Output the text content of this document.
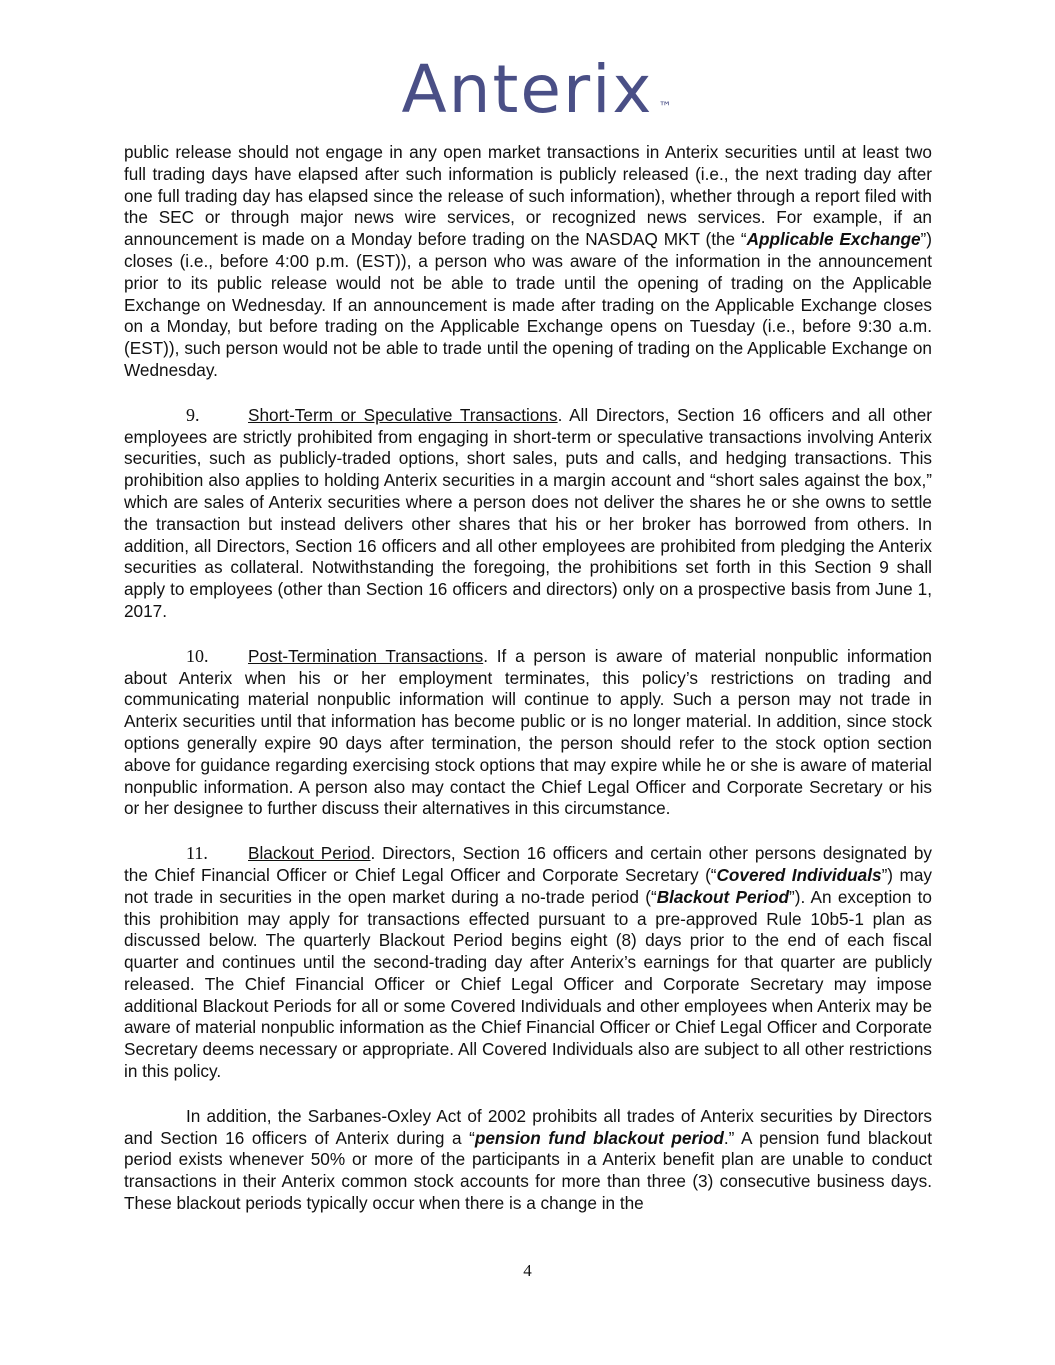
Anterix ™

public release should not engage in any open market transactions in Anterix securities until at least two full trading days have elapsed after such information is publicly released (i.e., the next trading day after one full trading day has elapsed since the release of such information), whether through a report filed with the SEC or through major news wire services, or recognized news services. For example, if an announcement is made on a Monday before trading on the NASDAQ MKT (the “Applicable Exchange”) closes (i.e., before 4:00 p.m. (EST)), a person who was aware of the information in the announcement prior to its public release would not be able to trade until the opening of trading on the Applicable Exchange on Wednesday. If an announcement is made after trading on the Applicable Exchange closes on a Monday, but before trading on the Applicable Exchange opens on Tuesday (i.e., before 9:30 a.m. (EST)), such person would not be able to trade until the opening of trading on the Applicable Exchange on Wednesday.

9.	Short-Term or Speculative Transactions. All Directors, Section 16 officers and all other employees are strictly prohibited from engaging in short-term or speculative transactions involving Anterix securities, such as publicly-traded options, short sales, puts and calls, and hedging transactions. This prohibition also applies to holding Anterix securities in a margin account and “short sales against the box,” which are sales of Anterix securities where a person does not deliver the shares he or she owns to settle the transaction but instead delivers other shares that his or her broker has borrowed from others. In addition, all Directors, Section 16 officers and all other employees are prohibited from pledging the Anterix securities as collateral. Notwithstanding the foregoing, the prohibitions set forth in this Section 9 shall apply to employees (other than Section 16 officers and directors) only on a prospective basis from June 1, 2017.

10. Post-Termination Transactions. If a person is aware of material nonpublic information about Anterix when his or her employment terminates, this policy’s restrictions on trading and communicating material nonpublic information will continue to apply. Such a person may not trade in Anterix securities until that information has become public or is no longer material. In addition, since stock options generally expire 90 days after termination, the person should refer to the stock option section above for guidance regarding exercising stock options that may expire while he or she is aware of material nonpublic information. A person also may contact the Chief Legal Officer and Corporate Secretary or his or her designee to further discuss their alternatives in this circumstance.

11. Blackout Period. Directors, Section 16 officers and certain other persons designated by the Chief Financial Officer or Chief Legal Officer and Corporate Secretary (“Covered Individuals”) may not trade in securities in the open market during a no-trade period (“Blackout Period”). An exception to this prohibition may apply for transactions effected pursuant to a pre-approved Rule 10b5-1 plan as discussed below. The quarterly Blackout Period begins eight (8) days prior to the end of each fiscal quarter and continues until the second-trading day after Anterix’s earnings for that quarter are publicly released. The Chief Financial Officer or Chief Legal Officer and Corporate Secretary may impose additional Blackout Periods for all or some Covered Individuals and other employees when Anterix may be aware of material nonpublic information as the Chief Financial Officer or Chief Legal Officer and Corporate Secretary deems necessary or appropriate. All Covered Individuals also are subject to all other restrictions in this policy.

In addition, the Sarbanes-Oxley Act of 2002 prohibits all trades of Anterix securities by Directors and Section 16 officers of Anterix during a “pension fund blackout period.” A pension fund blackout period exists whenever 50% or more of the participants in a Anterix benefit plan are unable to conduct transactions in their Anterix common stock accounts for more than three (3) consecutive business days. These blackout periods typically occur when there is a change in the

4
